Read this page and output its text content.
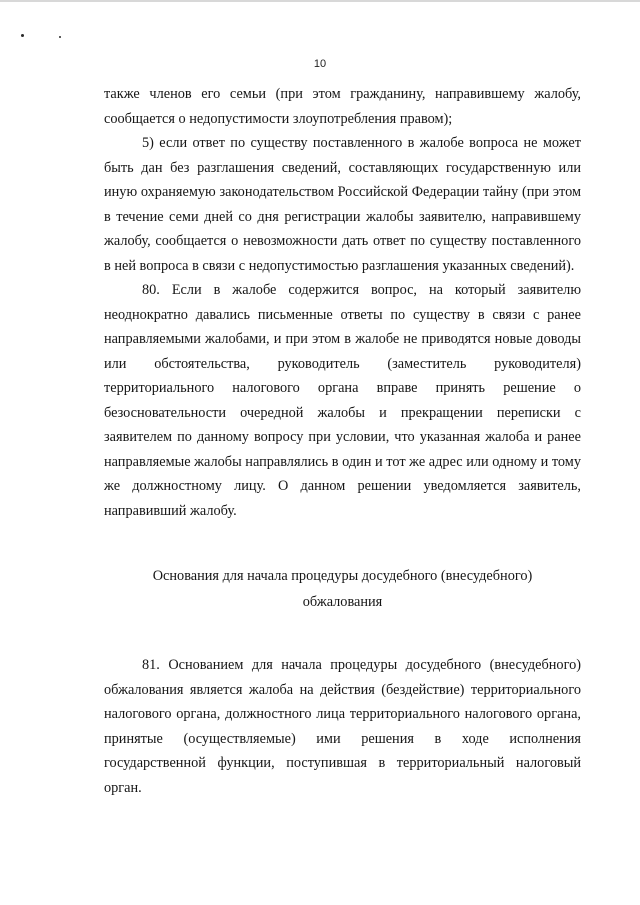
10

также членов его семьи (при этом гражданину, направившему жалобу, сообщается о недопустимости злоупотребления правом);

5) если ответ по существу поставленного в жалобе вопроса не может быть дан без разглашения сведений, составляющих государственную или иную охраняемую законодательством Российской Федерации тайну (при этом в течение семи дней со дня регистрации жалобы заявителю, направившему жалобу, сообщается о невозможности дать ответ по существу поставленного в ней вопроса в связи с недопустимостью разглашения указанных сведений).

80. Если в жалобе содержится вопрос, на который заявителю неоднократно давались письменные ответы по существу в связи с ранее направляемыми жалобами, и при этом в жалобе не приводятся новые доводы или обстоятельства, руководитель (заместитель руководителя) территориального налогового органа вправе принять решение о безосновательности очередной жалобы и прекращении переписки с заявителем по данному вопросу при условии, что указанная жалоба и ранее направляемые жалобы направлялись в один и тот же адрес или одному и тому же должностному лицу. О данном решении уведомляется заявитель, направивший жалобу.

Основания для начала процедуры досудебного (внесудебного)
обжалования

81. Основанием для начала процедуры досудебного (внесудебного) обжалования является жалоба на действия (бездействие) территориального налогового органа, должностного лица территориального налогового органа, принятые (осуществляемые) ими решения в ходе исполнения государственной функции, поступившая в территориальный налоговый орган.
